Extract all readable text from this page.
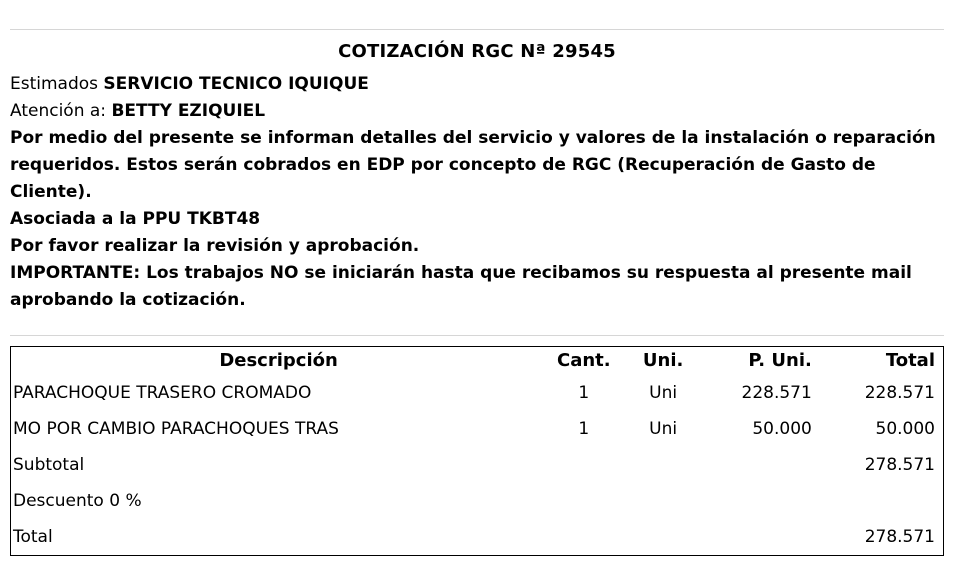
COTIZACIÓN RGC Nª 29545
Estimados SERVICIO TECNICO IQUIQUE
Atención a: BETTY EZIQUIEL
Por medio del presente se informan detalles del servicio y valores de la instalación o reparación requeridos. Estos serán cobrados en EDP por concepto de RGC (Recuperación de Gasto de Cliente).
Asociada a la PPU TKBT48
Por favor realizar la revisión y aprobación.
IMPORTANTE: Los trabajos NO se iniciarán hasta que recibamos su respuesta al presente mail aprobando la cotización.
Descripción	Cant.	Uni.	P. Uni.	Total
PARACHOQUE TRASERO CROMADO	1	Uni	228.571	228.571
MO POR CAMBIO PARACHOQUES TRAS	1	Uni	50.000	50.000
Subtotal				278.571
Descuento 0 %				
Total				278.571
